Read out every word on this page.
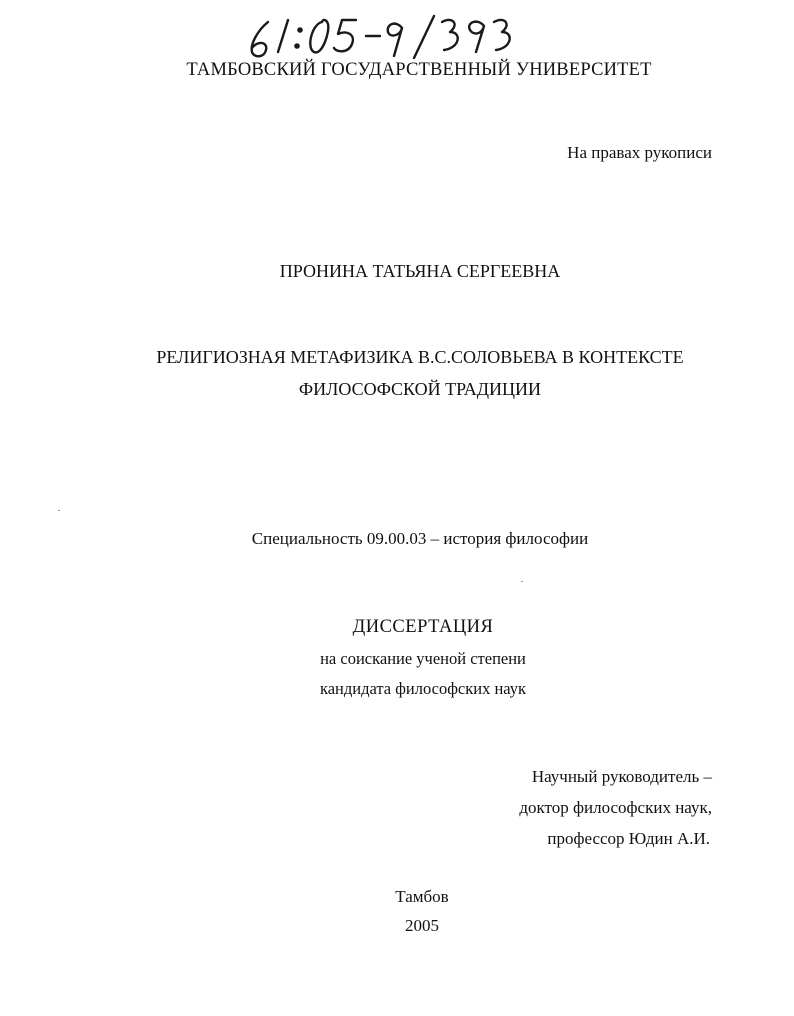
ТАМБОВСКИЙ ГОСУДАРСТВЕННЫЙ УНИВЕРСИТЕТ
На правах рукописи
ПРОНИНА ТАТЬЯНА СЕРГЕЕВНА
РЕЛИГИОЗНАЯ МЕТАФИЗИКА В.С.СОЛОВЬЕВА В КОНТЕКСТЕ
ФИЛОСОФСКОЙ ТРАДИЦИИ
Специальность 09.00.03 – история философии
ДИССЕРТАЦИЯ
на соискание ученой степени
кандидата философских наук
Научный руководитель –
доктор философских наук,
профессор Юдин А.И.
Тамбов
2005
